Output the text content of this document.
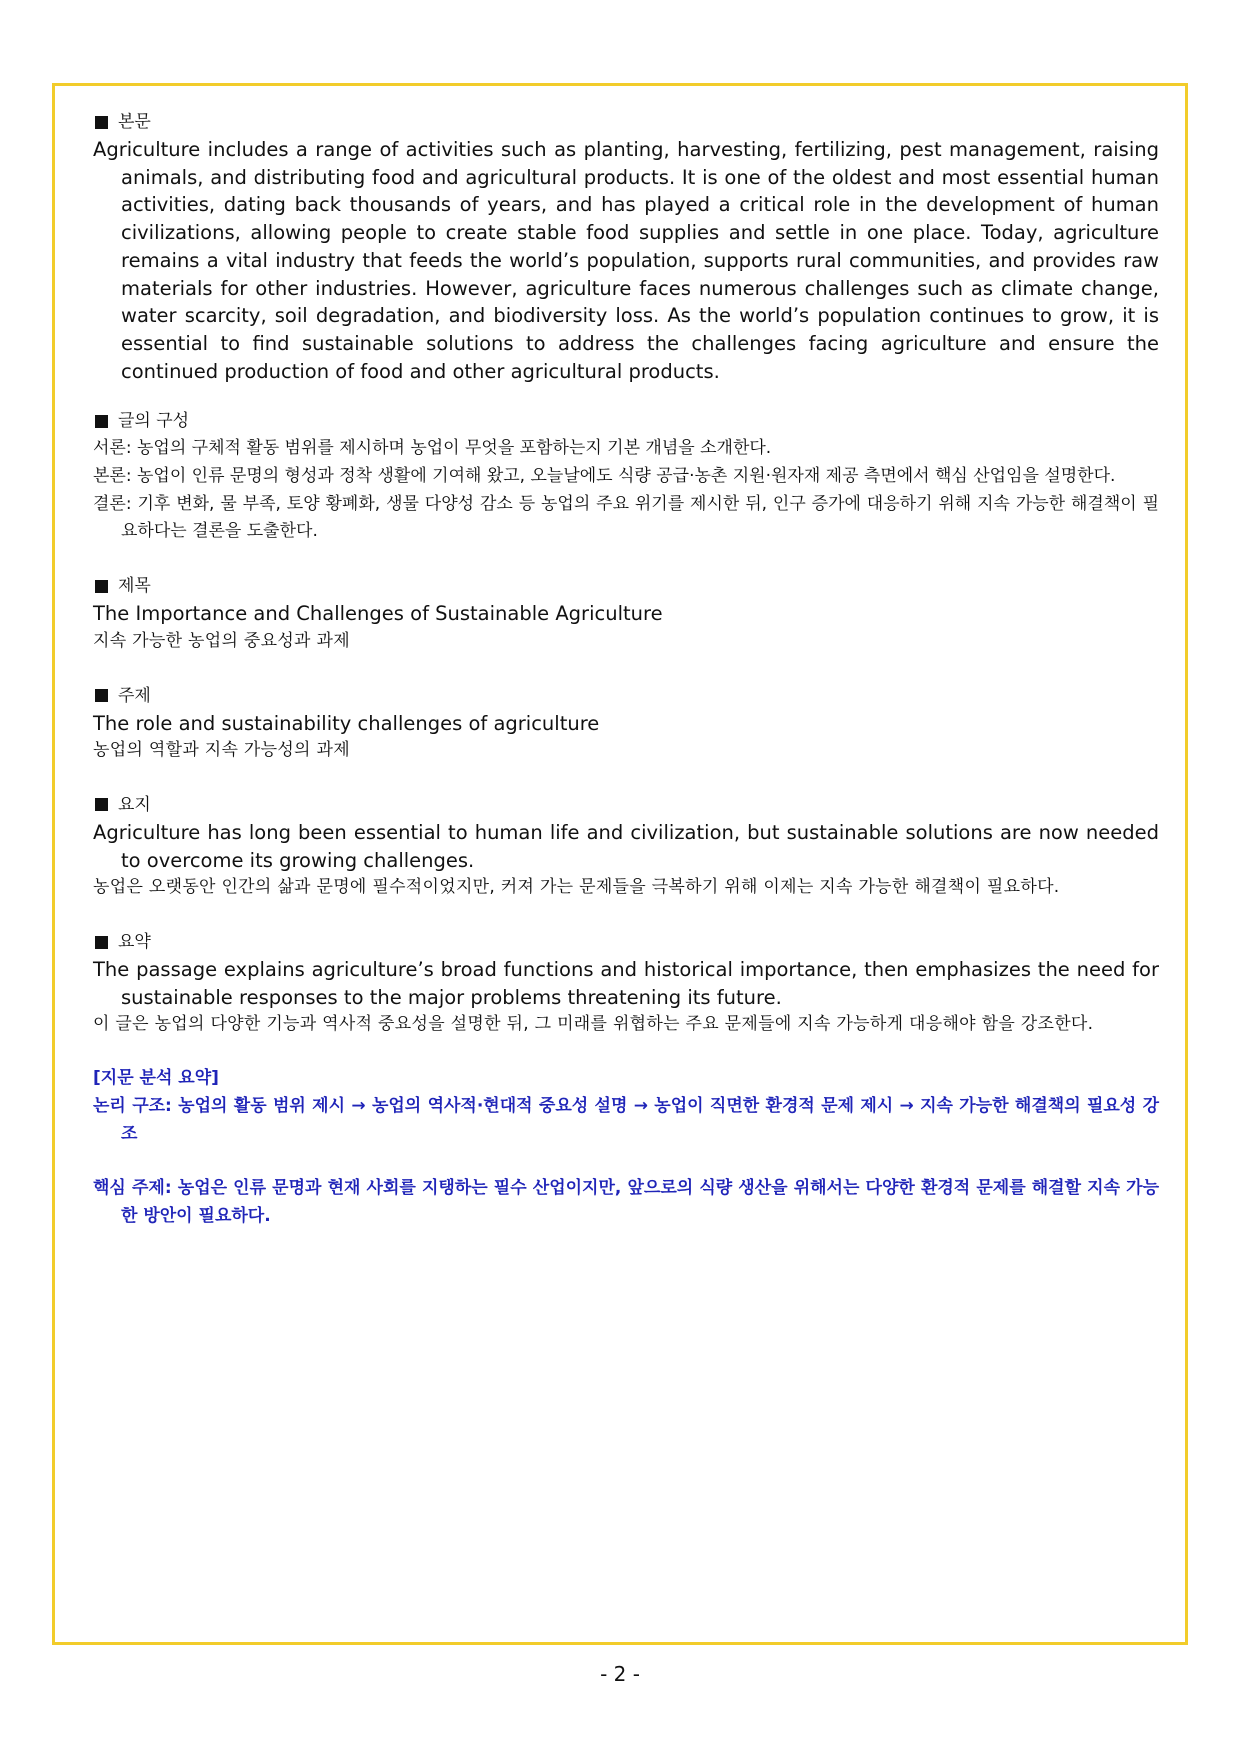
본문

Agriculture includes a range of activities such as planting, harvesting, fertilizing, pest management, raising animals, and distributing food and agricultural products. It is one of the oldest and most essential human activities, dating back thousands of years, and has played a critical role in the development of human civilizations, allowing people to create stable food supplies and settle in one place. Today, agriculture remains a vital industry that feeds the world’s population, supports rural communities, and provides raw materials for other industries. However, agriculture faces numerous challenges such as climate change, water scarcity, soil degradation, and biodiversity loss. As the world’s population continues to grow, it is essential to find sustainable solutions to address the challenges facing agriculture and ensure the continued production of food and other agricultural products.

글의 구성

서론: 농업의 구체적 활동 범위를 제시하며 농업이 무엇을 포함하는지 기본 개념을 소개한다.

본론: 농업이 인류 문명의 형성과 정착 생활에 기여해 왔고, 오늘날에도 식량 공급·농촌 지원·원자재 제공 측면에서 핵심 산업임을 설명한다.

결론: 기후 변화, 물 부족, 토양 황폐화, 생물 다양성 감소 등 농업의 주요 위기를 제시한 뒤, 인구 증가에 대응하기 위해 지속 가능한 해결책이 필요하다는 결론을 도출한다.

제목

The Importance and Challenges of Sustainable Agriculture

지속 가능한 농업의 중요성과 과제

주제

The role and sustainability challenges of agriculture

농업의 역할과 지속 가능성의 과제

요지

Agriculture has long been essential to human life and civilization, but sustainable solutions are now needed to overcome its growing challenges.

농업은 오랫동안 인간의 삶과 문명에 필수적이었지만, 커져 가는 문제들을 극복하기 위해 이제는 지속 가능한 해결책이 필요하다.

요약

The passage explains agriculture’s broad functions and historical importance, then emphasizes the need for sustainable responses to the major problems threatening its future.

이 글은 농업의 다양한 기능과 역사적 중요성을 설명한 뒤, 그 미래를 위협하는 주요 문제들에 지속 가능하게 대응해야 함을 강조한다.

[지문 분석 요약]

논리 구조: 농업의 활동 범위 제시 → 농업의 역사적·현대적 중요성 설명 → 농업이 직면한 환경적 문제 제시 → 지속 가능한 해결책의 필요성 강조

핵심 주제: 농업은 인류 문명과 현재 사회를 지탱하는 필수 산업이지만, 앞으로의 식량 생산을 위해서는 다양한 환경적 문제를 해결할 지속 가능한 방안이 필요하다.

- 2 -
